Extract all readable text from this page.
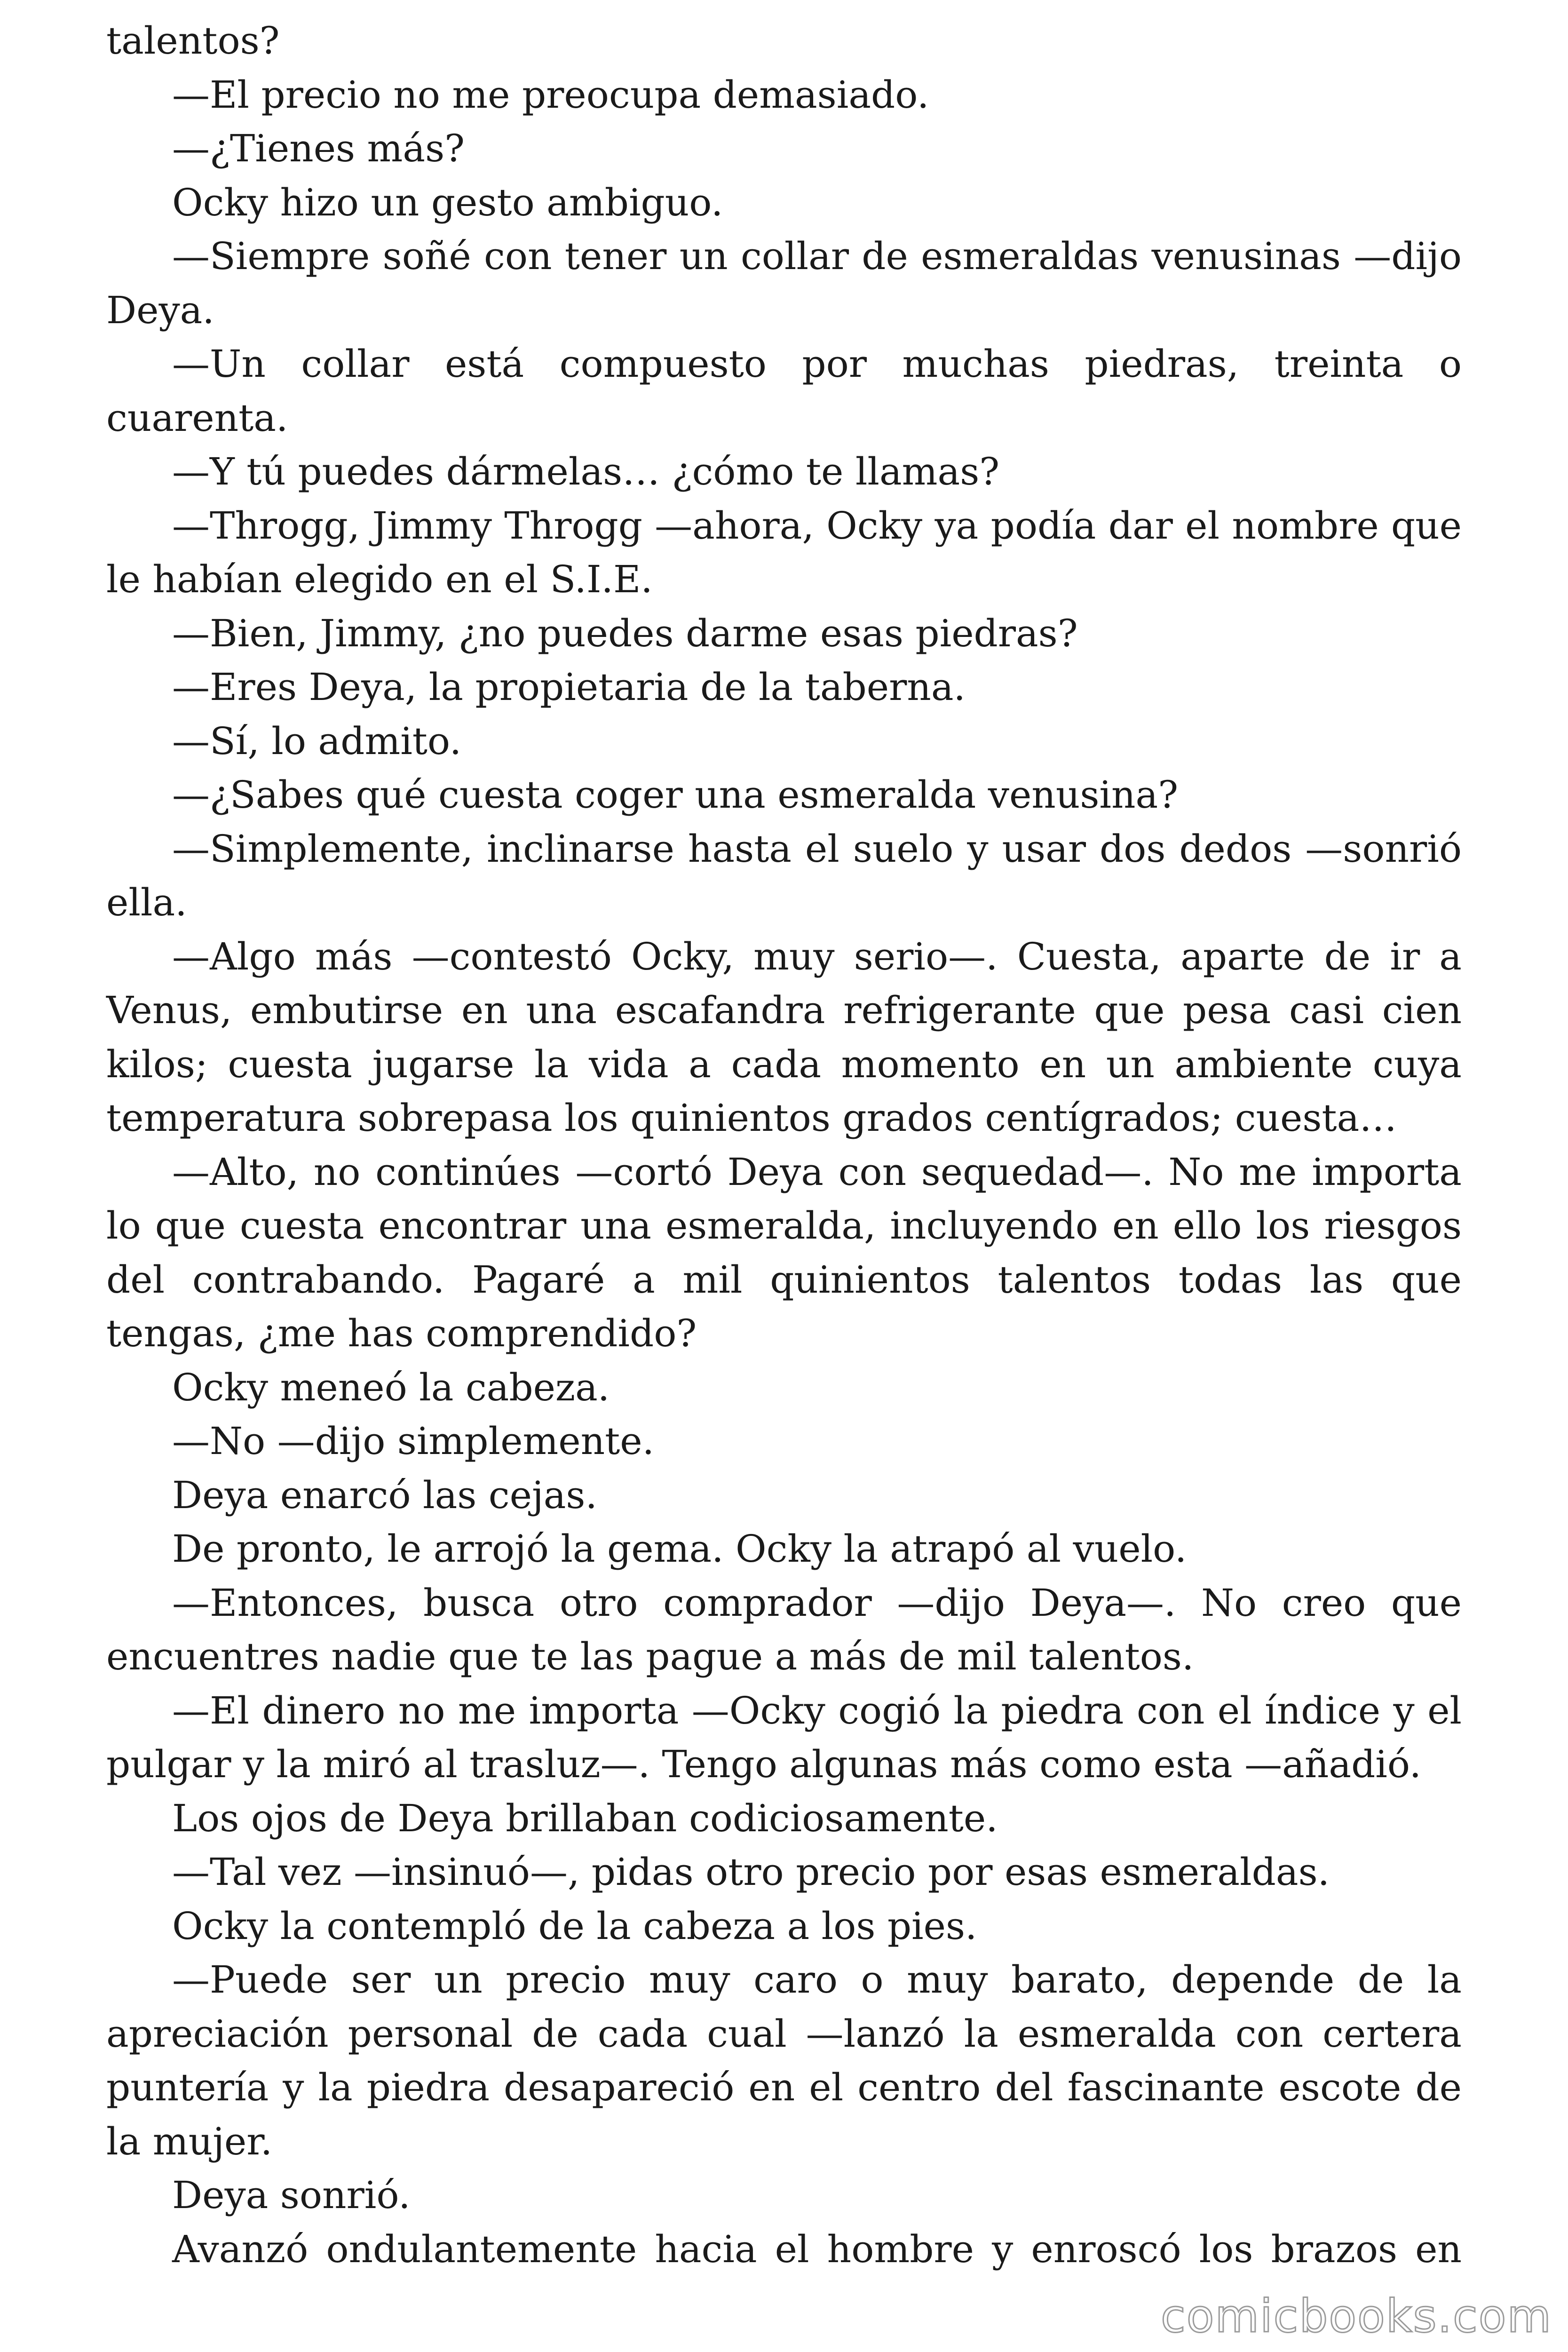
talentos?

—El precio no me preocupa demasiado.

—¿Tienes más?

Ocky hizo un gesto ambiguo.

—Siempre soñé con tener un collar de esmeraldas venusinas —dijo Deya.

—Un collar está compuesto por muchas piedras, treinta o cuarenta.

—Y tú puedes dármelas… ¿cómo te llamas?

—Throgg, Jimmy Throgg —ahora, Ocky ya podía dar el nombre que le habían elegido en el S.I.E.

—Bien, Jimmy, ¿no puedes darme esas piedras?

—Eres Deya, la propietaria de la taberna.

—Sí, lo admito.

—¿Sabes qué cuesta coger una esmeralda venusina?

—Simplemente, inclinarse hasta el suelo y usar dos dedos —sonrió ella.

—Algo más —contestó Ocky, muy serio—. Cuesta, aparte de ir a Venus, embutirse en una escafandra refrigerante que pesa casi cien kilos; cuesta jugarse la vida a cada momento en un ambiente cuya temperatura sobrepasa los quinientos grados centígrados; cuesta…

—Alto, no continúes —cortó Deya con sequedad—. No me importa lo que cuesta encontrar una esmeralda, incluyendo en ello los riesgos del contrabando. Pagaré a mil quinientos talentos todas las que tengas, ¿me has comprendido?

Ocky meneó la cabeza.

—No —dijo simplemente.

Deya enarcó las cejas.

De pronto, le arrojó la gema. Ocky la atrapó al vuelo.

—Entonces, busca otro comprador —dijo Deya—. No creo que encuentres nadie que te las pague a más de mil talentos.

—El dinero no me importa —Ocky cogió la piedra con el índice y el pulgar y la miró al trasluz—. Tengo algunas más como esta —añadió.

Los ojos de Deya brillaban codiciosamente.

—Tal vez —insinuó—, pidas otro precio por esas esmeraldas.

Ocky la contempló de la cabeza a los pies.

—Puede ser un precio muy caro o muy barato, depende de la apreciación personal de cada cual —lanzó la esmeralda con certera puntería y la piedra desapareció en el centro del fascinante escote de la mujer.

Deya sonrió.

Avanzó ondulantemente hacia el hombre y enroscó los brazos en

comicbooks.com
